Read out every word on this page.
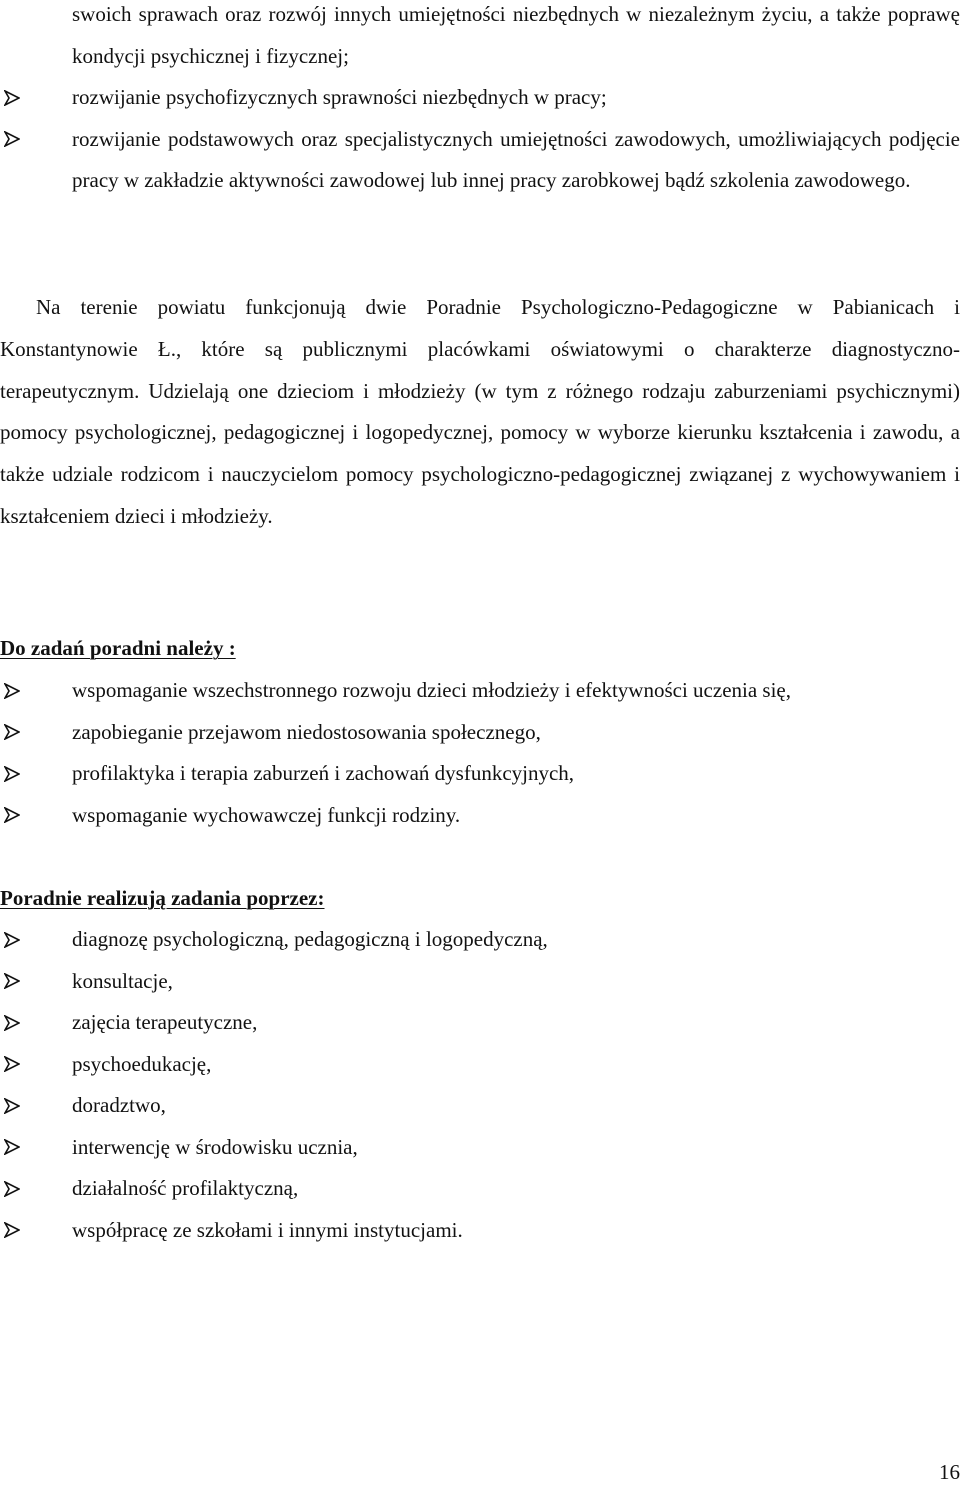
swoich sprawach oraz rozwój innych umiejętności niezbędnych w niezależnym życiu, a także poprawę kondycji psychicznej i fizycznej;
rozwijanie psychofizycznych sprawności niezbędnych w pracy;
rozwijanie podstawowych oraz specjalistycznych umiejętności zawodowych, umożliwiających podjęcie pracy w zakładzie aktywności zawodowej lub innej pracy zarobkowej bądź szkolenia zawodowego.

Na terenie powiatu funkcjonują dwie Poradnie Psychologiczno-Pedagogiczne w Pabianicach i Konstantynowie Ł., które są publicznymi placówkami oświatowymi o charakterze diagnostyczno-terapeutycznym. Udzielają one dzieciom i młodzieży (w tym z różnego rodzaju zaburzeniami psychicznymi) pomocy psychologicznej, pedagogicznej i logopedycznej, pomocy w wyborze kierunku kształcenia i zawodu, a także udziale rodzicom i nauczycielom pomocy psychologiczno-pedagogicznej związanej z wychowywaniem i kształceniem dzieci i młodzieży.

Do zadań poradni należy :
wspomaganie wszechstronnego rozwoju dzieci młodzieży i efektywności uczenia się,
zapobieganie przejawom niedostosowania społecznego,
profilaktyka i terapia zaburzeń i zachowań dysfunkcyjnych,
wspomaganie wychowawczej funkcji rodziny.
Poradnie realizują zadania poprzez:
diagnozę psychologiczną, pedagogiczną i logopedyczną,
konsultacje,
zajęcia terapeutyczne,
psychoedukację,
doradztwo,
interwencję w środowisku ucznia,
działalność profilaktyczną,
współpracę ze szkołami i innymi instytucjami.
16
